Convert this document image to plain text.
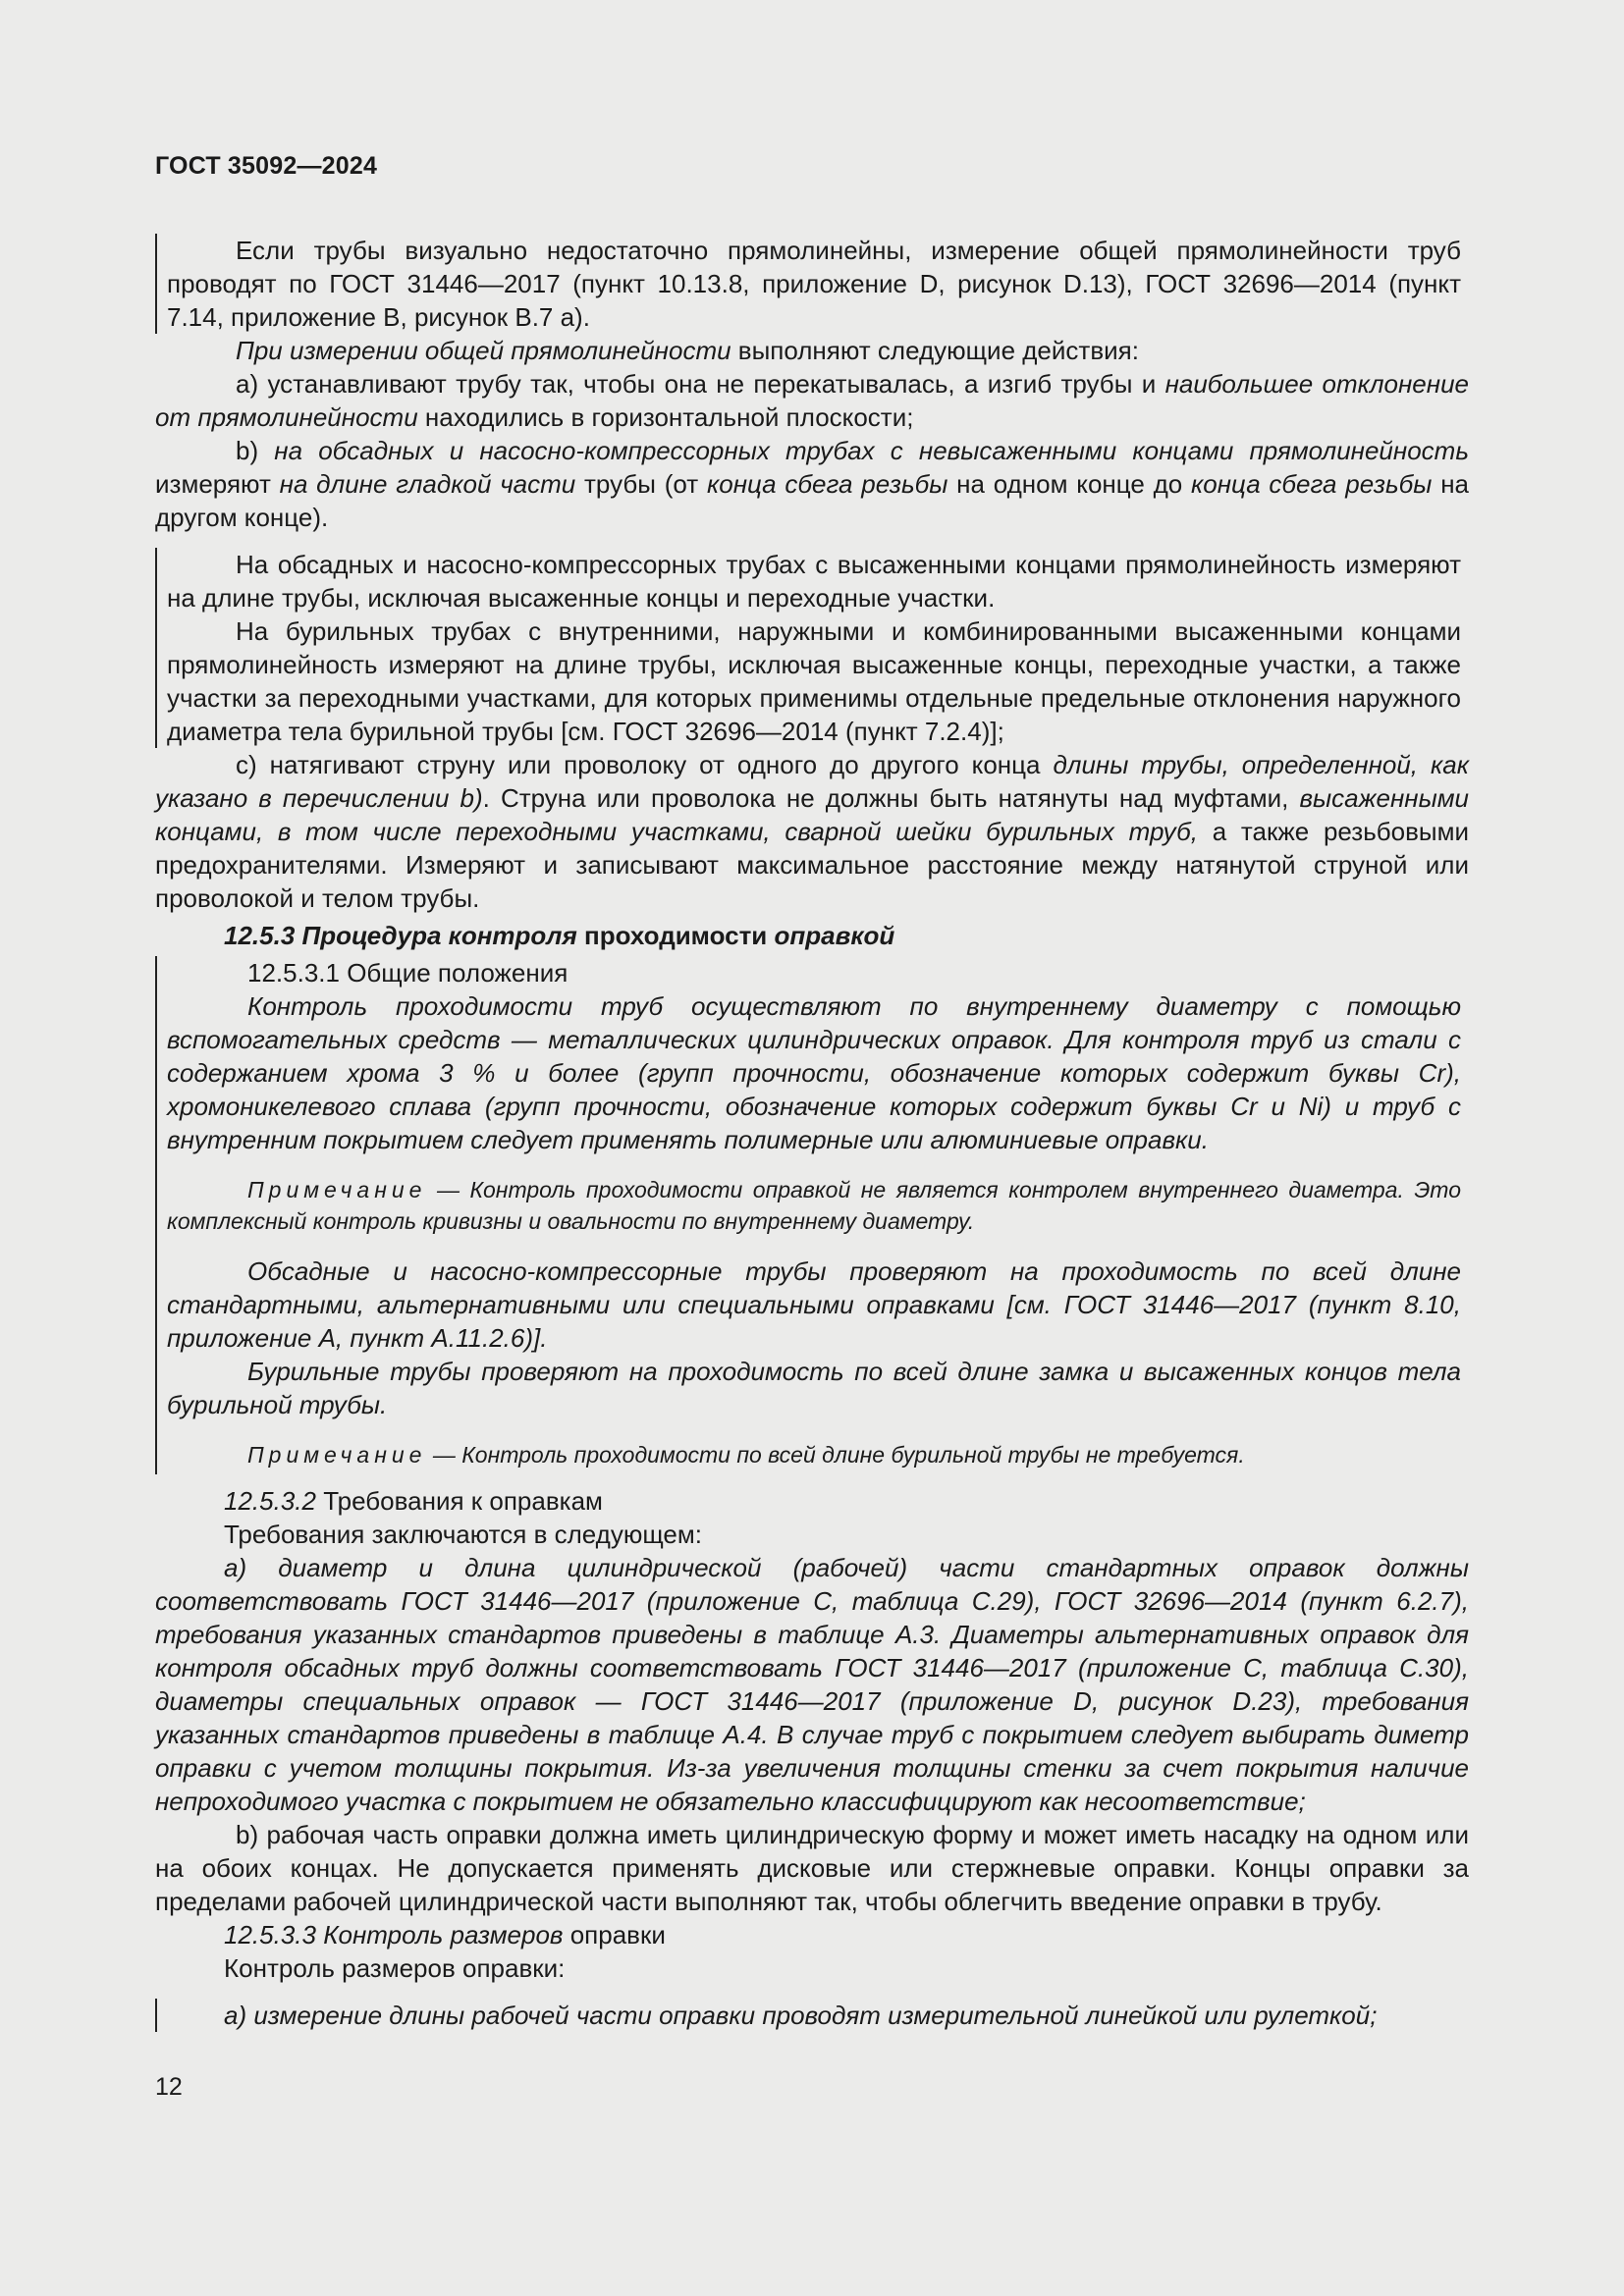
ГОСТ 35092—2024

Если трубы визуально недостаточно прямолинейны, измерение общей прямолинейности труб проводят по ГОСТ 31446—2017 (пункт 10.13.8, приложение D, рисунок D.13), ГОСТ 32696—2014 (пункт 7.14, приложение В, рисунок В.7 а).

При измерении общей прямолинейности выполняют следующие действия:

а) устанавливают трубу так, чтобы она не перекатывалась, а изгиб трубы и наибольшее отклонение от прямолинейности находились в горизонтальной плоскости;

b) на обсадных и насосно-компрессорных трубах с невысаженными концами прямолинейность измеряют на длине гладкой части трубы (от конца сбега резьбы на одном конце до конца сбега резьбы на другом конце).

На обсадных и насосно-компрессорных трубах с высаженными концами прямолинейность измеряют на длине трубы, исключая высаженные концы и переходные участки.

На бурильных трубах с внутренними, наружными и комбинированными высаженными концами прямолинейность измеряют на длине трубы, исключая высаженные концы, переходные участки, а также участки за переходными участками, для которых применимы отдельные предельные отклонения наружного диаметра тела бурильной трубы [см. ГОСТ 32696—2014 (пункт 7.2.4)];

с) натягивают струну или проволоку от одного до другого конца длины трубы, определенной, как указано в перечислении b). Струна или проволока не должны быть натянуты над муфтами, высаженными концами, в том числе переходными участками, сварной шейки бурильных труб, а также резьбовыми предохранителями. Измеряют и записывают максимальное расстояние между натянутой струной или проволокой и телом трубы.

12.5.3 Процедура контроля проходимости оправкой

12.5.3.1 Общие положения

Контроль проходимости труб осуществляют по внутреннему диаметру с помощью вспомогательных средств — металлических цилиндрических оправок. Для контроля труб из стали с содержанием хрома 3 % и более (групп прочности, обозначение которых содержит буквы Cr), хромоникелевого сплава (групп прочности, обозначение которых содержит буквы Cr и Ni) и труб с внутренним покрытием следует применять полимерные или алюминиевые оправки.

Примечание — Контроль проходимости оправкой не является контролем внутреннего диаметра. Это комплексный контроль кривизны и овальности по внутреннему диаметру.

Обсадные и насосно-компрессорные трубы проверяют на проходимость по всей длине стандартными, альтернативными или специальными оправками [см. ГОСТ 31446—2017 (пункт 8.10, приложение А, пункт А.11.2.6)].

Бурильные трубы проверяют на проходимость по всей длине замка и высаженных концов тела бурильной трубы.

Примечание — Контроль проходимости по всей длине бурильной трубы не требуется.

12.5.3.2 Требования к оправкам

Требования заключаются в следующем:

а) диаметр и длина цилиндрической (рабочей) части стандартных оправок должны соответствовать ГОСТ 31446—2017 (приложение С, таблица С.29), ГОСТ 32696—2014 (пункт 6.2.7), требования указанных стандартов приведены в таблице А.3. Диаметры альтернативных оправок для контроля обсадных труб должны соответствовать ГОСТ 31446—2017 (приложение С, таблица С.30), диаметры специальных оправок — ГОСТ 31446—2017 (приложение D, рисунок D.23), требования указанных стандартов приведены в таблице А.4. В случае труб с покрытием следует выбирать диметр оправки с учетом толщины покрытия. Из-за увеличения толщины стенки за счет покрытия наличие непроходимого участка с покрытием не обязательно классифицируют как несоответствие;

b) рабочая часть оправки должна иметь цилиндрическую форму и может иметь насадку на одном или на обоих концах. Не допускается применять дисковые или стержневые оправки. Концы оправки за пределами рабочей цилиндрической части выполняют так, чтобы облегчить введение оправки в трубу.

12.5.3.3 Контроль размеров оправки

Контроль размеров оправки:

а) измерение длины рабочей части оправки проводят измерительной линейкой или рулеткой;

12
